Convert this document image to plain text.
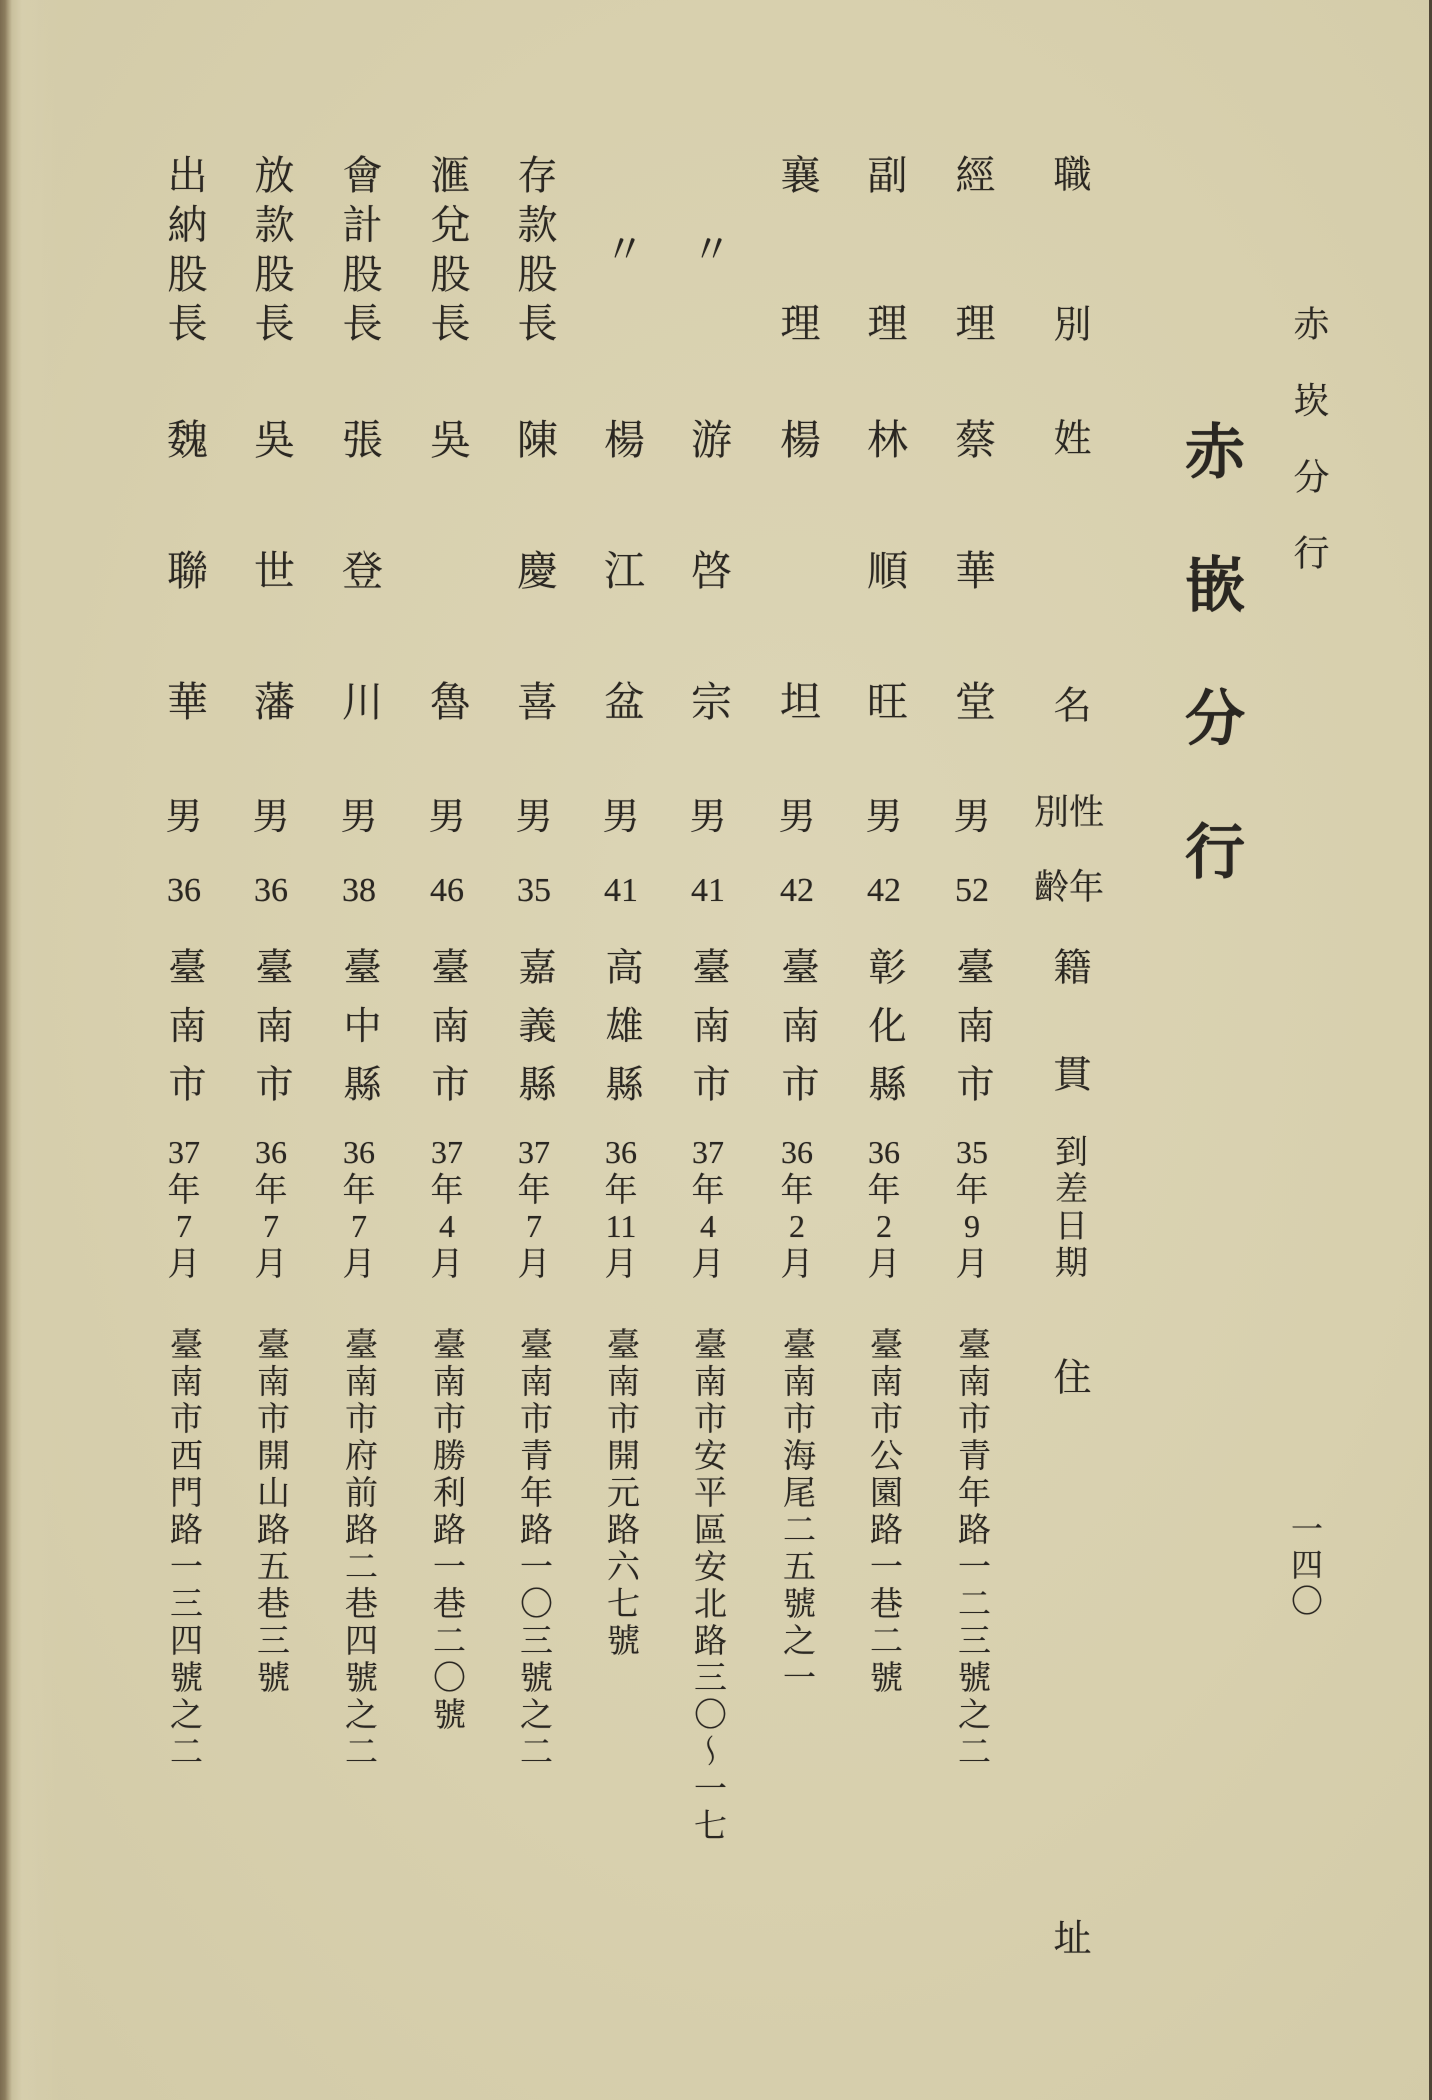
赤崁分行
赤嵌分行
一四〇
職別
姓名
性別
年齡
籍貫
到差日期
住址
經理
蔡華堂
男
52
臺南市
35
年
9
月
臺南市青年路一二三號之二
副理
林順旺
男
42
彰化縣
36
年
2
月
臺南市公園路一巷二號
襄理
楊坦
男
42
臺南市
36
年
2
月
臺南市海尾二五號之一
〃
游啓宗
男
41
臺南市
37
年
4
月
臺南市安平區安北路三〇～一七
〃
楊江盆
男
41
高雄縣
36
年
11
月
臺南市開元路六七號
存款股長
陳慶喜
男
35
嘉義縣
37
年
7
月
臺南市青年路一〇三號之二
滙兌股長
吳魯
男
46
臺南市
37
年
4
月
臺南市勝利路一巷二〇號
會計股長
張登川
男
38
臺中縣
36
年
7
月
臺南市府前路二巷四號之二
放款股長
吳世藩
男
36
臺南市
36
年
7
月
臺南市開山路五巷三號
出納股長
魏聯華
男
36
臺南市
37
年
7
月
臺南市西門路一三四號之二
